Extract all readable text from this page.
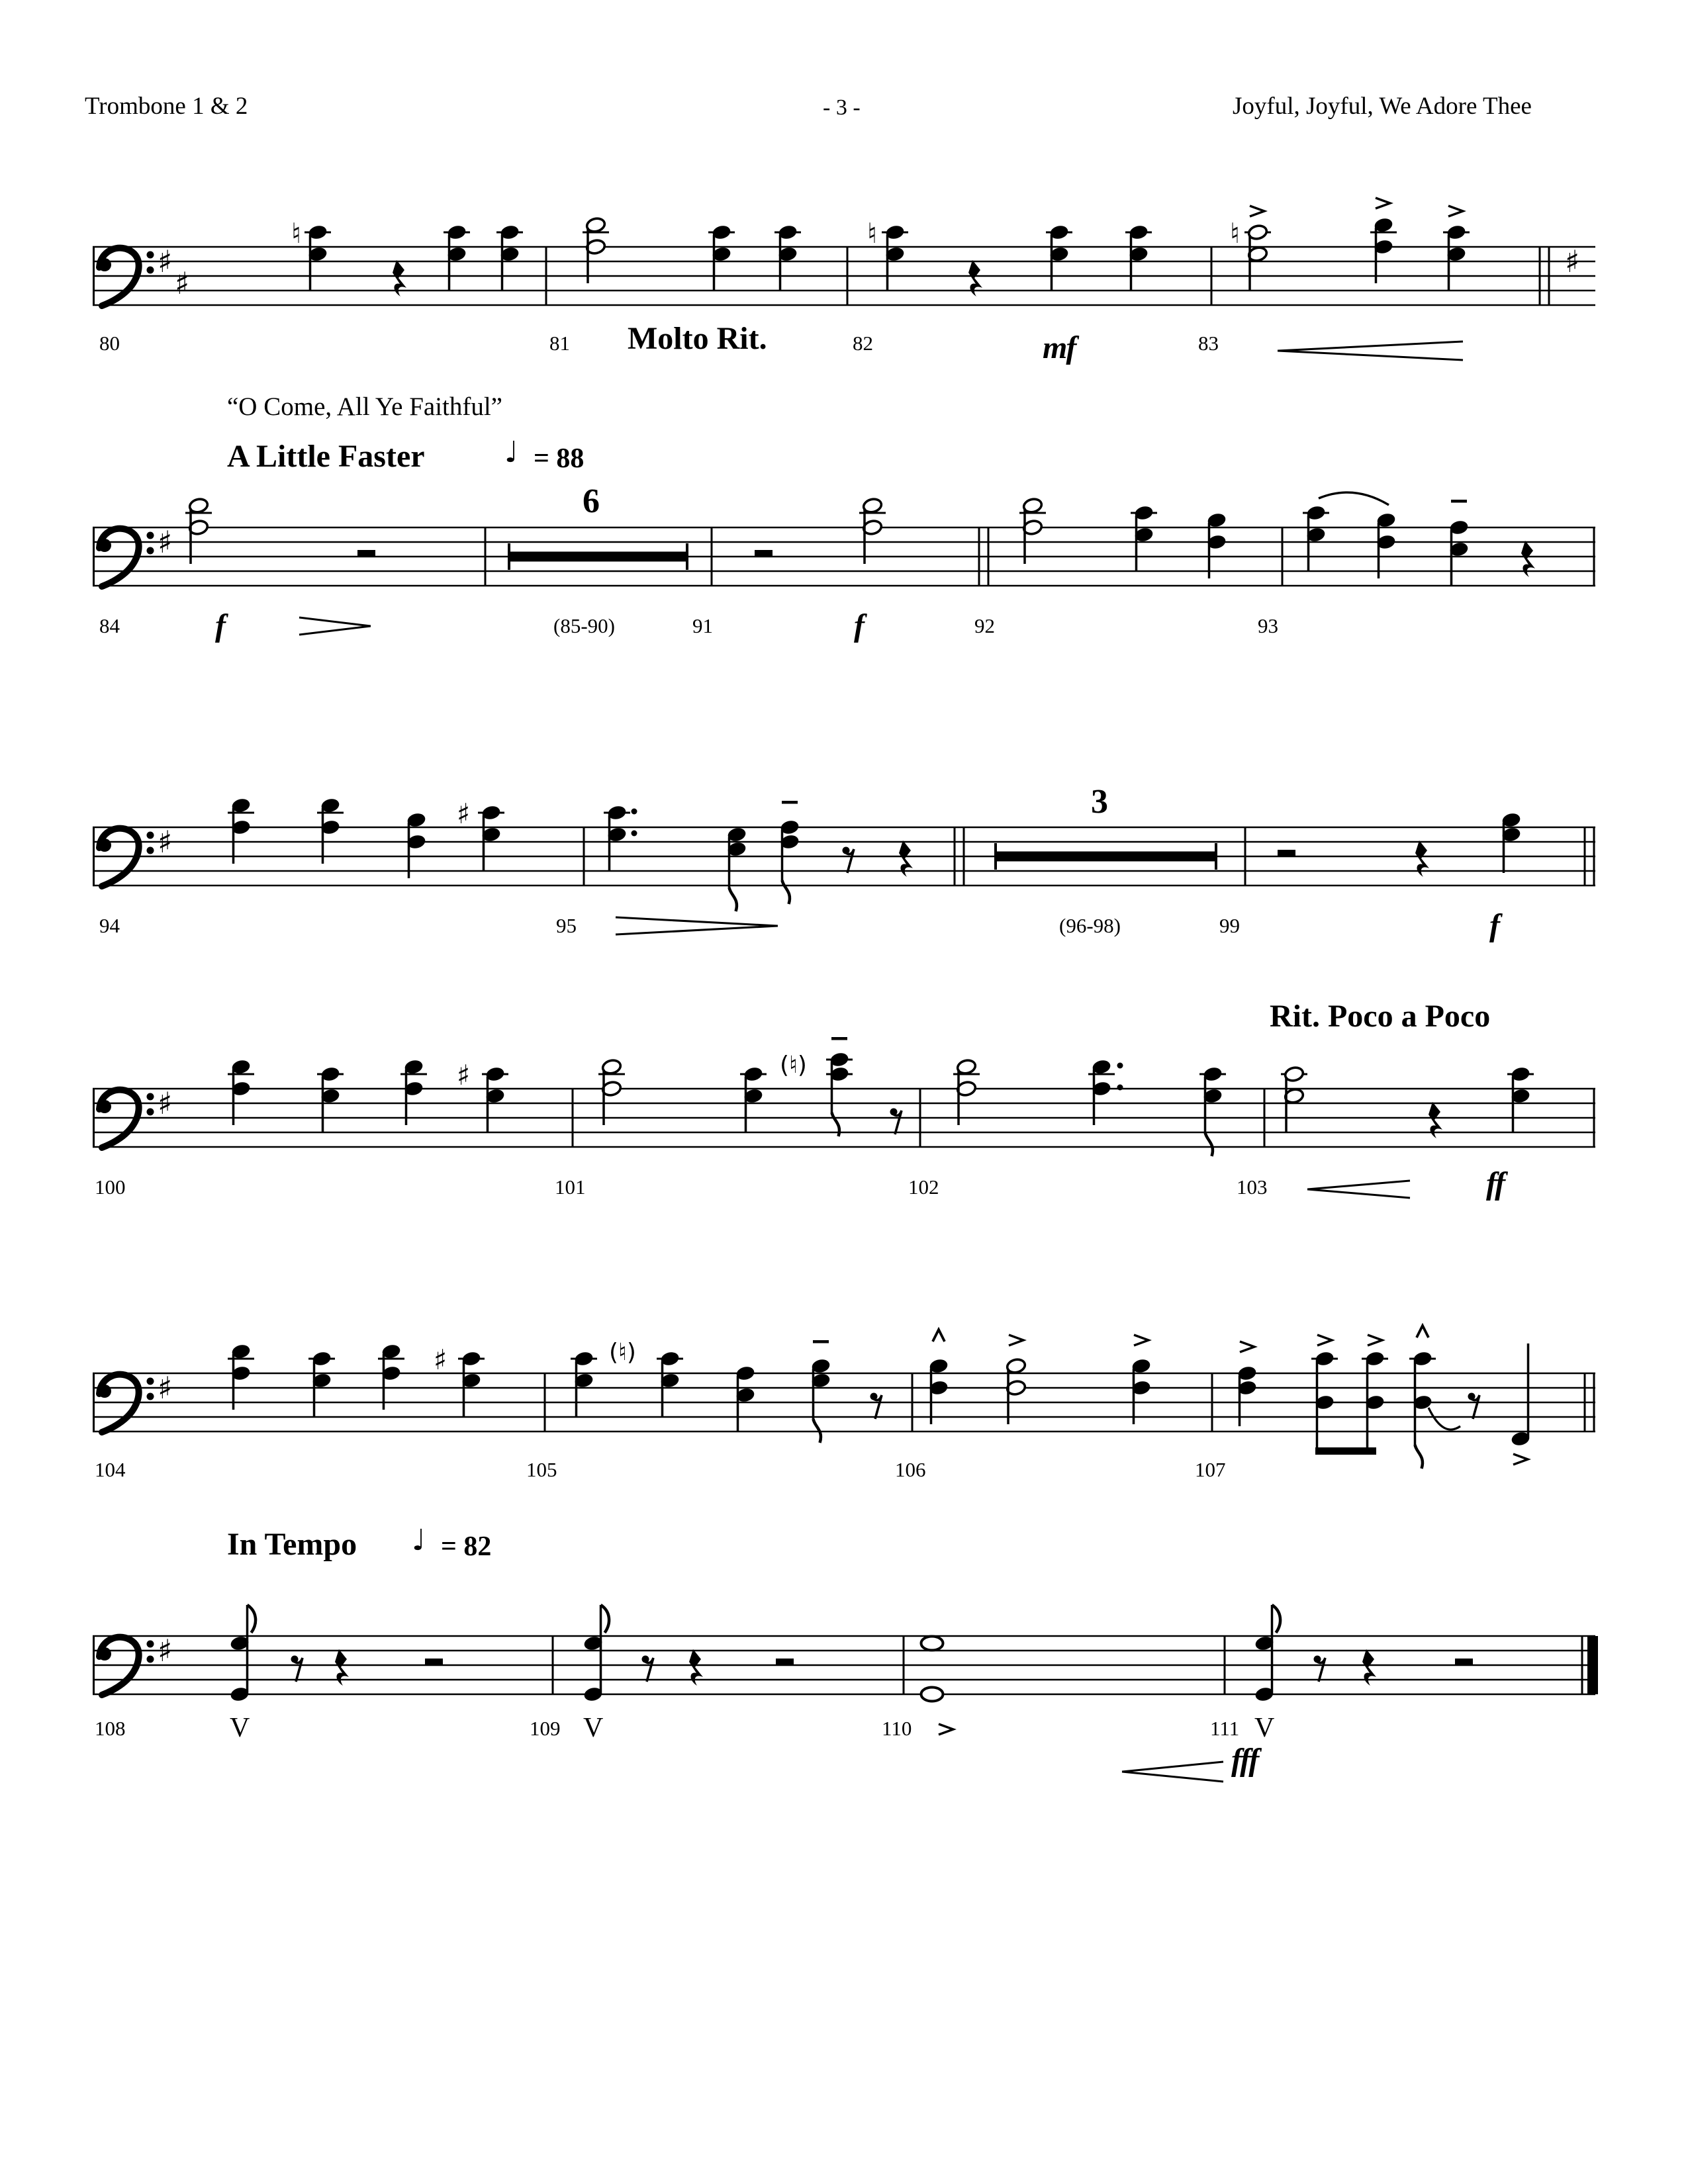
♯
♯
♮	♮	♮
♯
♯
♯
♯
♯
♯	(♮)
♯
♯	(♮)
♯
V	V	V
Trombone 1 & 2	- 3 -	Joyful, Joyful, We Adore Thee
80	81	82	83
Molto Rit.	mf
“O Come, All Ye Faithful”
A Little Faster	♩ = 88
6
84	(85-90)	91	92	93
f	f
94	95	(96-98)	99
3
f
Rit. Poco a Poco
100	101	102	103	ff
104	105	106	107
In Tempo ♩ = 82
108	109	110	111
fff
